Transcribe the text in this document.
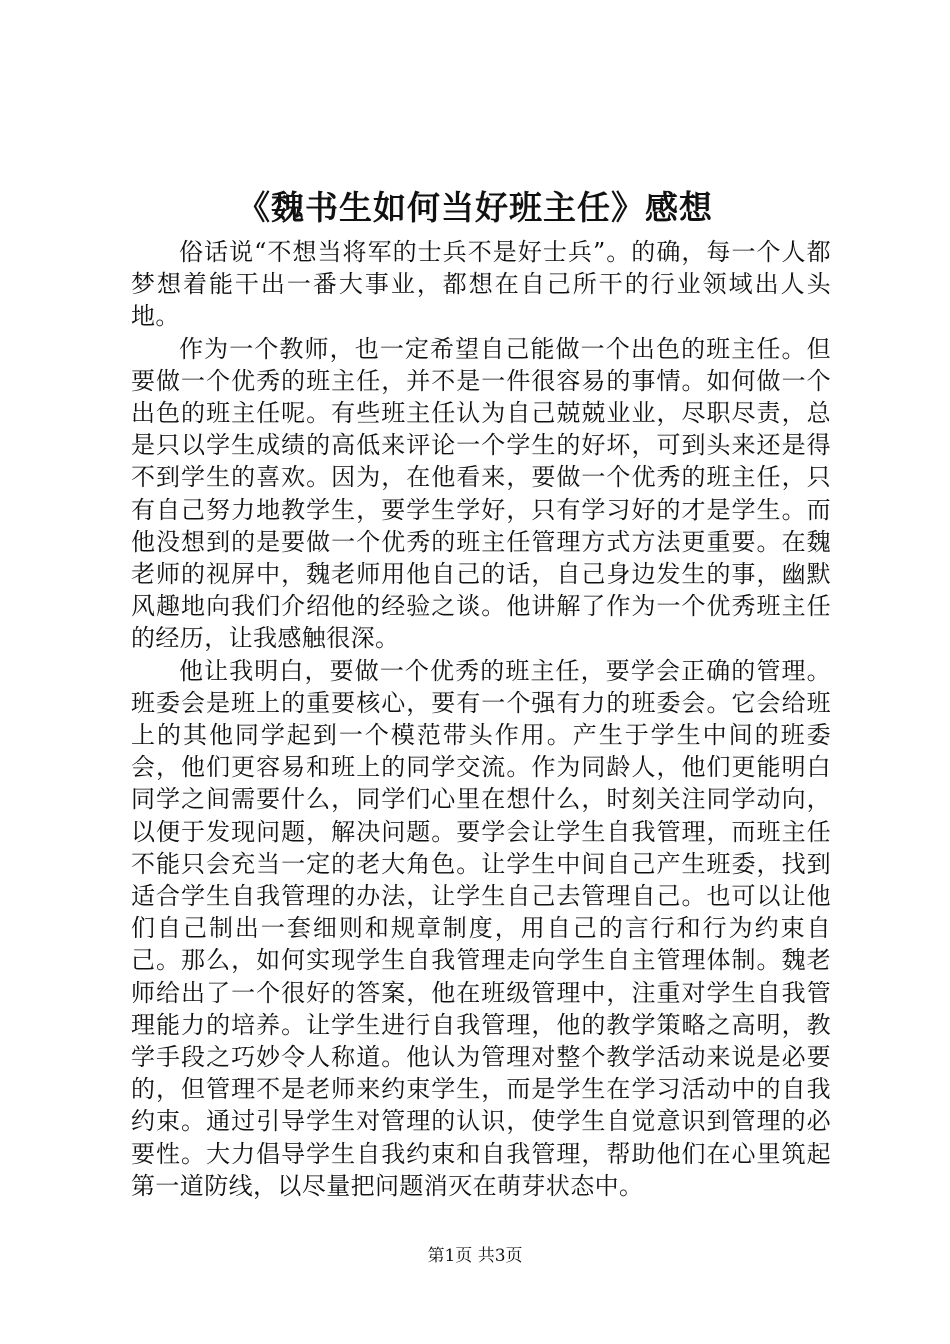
《魏书生如何当好班主任》感想

俗话说“不想当将军的士兵不是好士兵”。的确，每一个人都梦想着能干出一番大事业，都想在自己所干的行业领域出人头地。

作为一个教师，也一定希望自己能做一个出色的班主任。但要做一个优秀的班主任，并不是一件很容易的事情。如何做一个出色的班主任呢。有些班主任认为自己兢兢业业，尽职尽责，总是只以学生成绩的高低来评论一个学生的好坏，可到头来还是得不到学生的喜欢。因为，在他看来，要做一个优秀的班主任，只有自己努力地教学生，要学生学好，只有学习好的才是学生。而他没想到的是要做一个优秀的班主任管理方式方法更重要。在魏老师的视屏中，魏老师用他自己的话，自己身边发生的事，幽默风趣地向我们介绍他的经验之谈。他讲解了作为一个优秀班主任的经历，让我感触很深。

他让我明白，要做一个优秀的班主任，要学会正确的管理。班委会是班上的重要核心，要有一个强有力的班委会。它会给班上的其他同学起到一个模范带头作用。产生于学生中间的班委会，他们更容易和班上的同学交流。作为同龄人，他们更能明白同学之间需要什么，同学们心里在想什么，时刻关注同学动向，以便于发现问题，解决问题。要学会让学生自我管理，而班主任不能只会充当一定的老大角色。让学生中间自己产生班委，找到适合学生自我管理的办法，让学生自己去管理自己。也可以让他们自己制出一套细则和规章制度，用自己的言行和行为约束自己。那么，如何实现学生自我管理走向学生自主管理体制。魏老师给出了一个很好的答案，他在班级管理中，注重对学生自我管理能力的培养。让学生进行自我管理，他的教学策略之高明，教学手段之巧妙令人称道。他认为管理对整个教学活动来说是必要的，但管理不是老师来约束学生，而是学生在学习活动中的自我约束。通过引导学生对管理的认识，使学生自觉意识到管理的必要性。大力倡导学生自我约束和自我管理，帮助他们在心里筑起第一道防线，以尽量把问题消灭在萌芽状态中。

第1页 共3页
